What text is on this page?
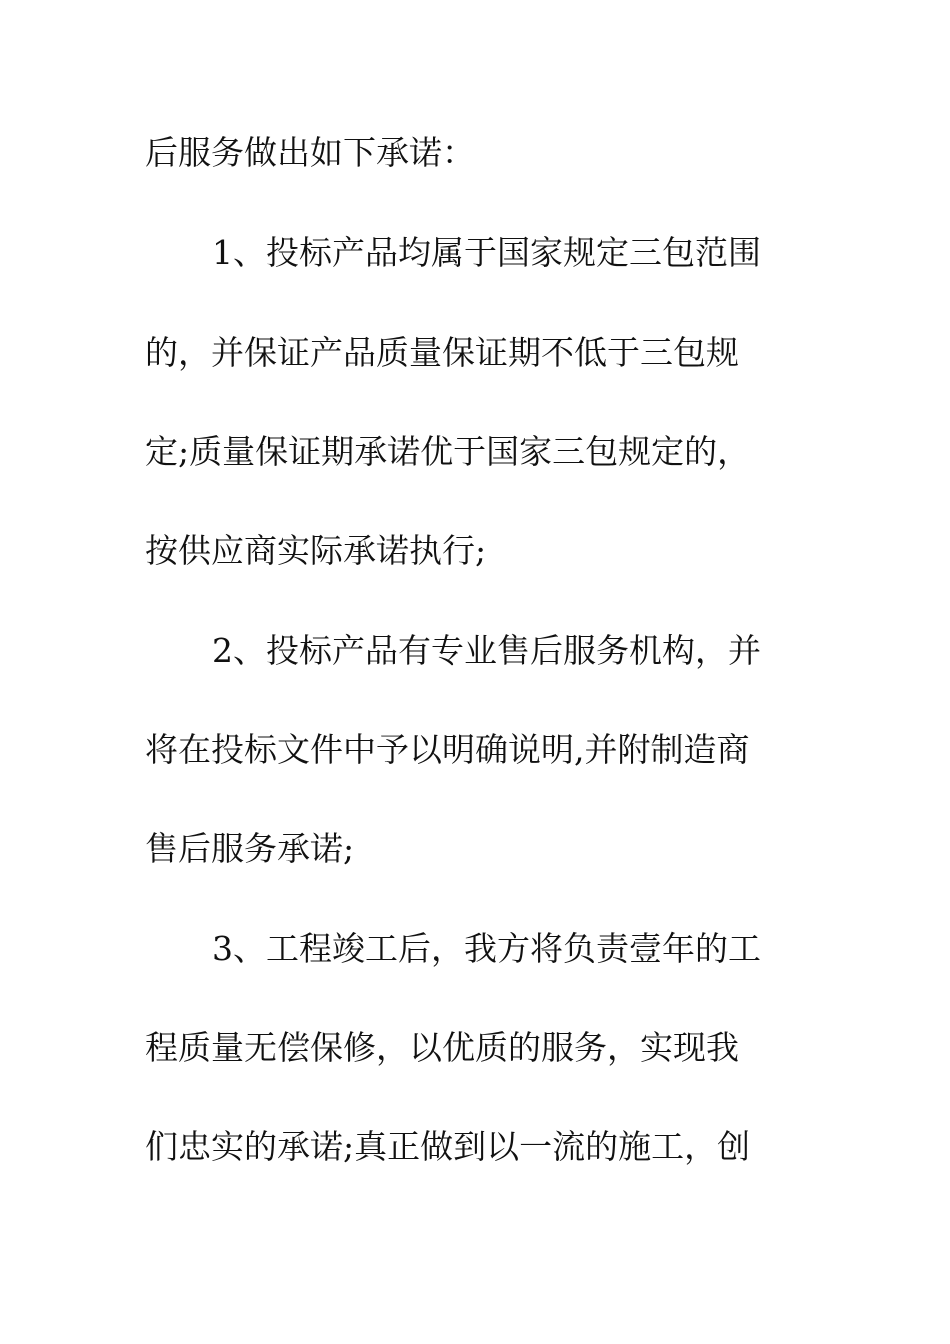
后服务做出如下承诺：
1、投标产品均属于国家规定三包范围
的，并保证产品质量保证期不低于三包规
定;质量保证期承诺优于国家三包规定的，
按供应商实际承诺执行;
2、投标产品有专业售后服务机构，并
将在投标文件中予以明确说明,并附制造商
售后服务承诺;
3、工程竣工后，我方将负责壹年的工
程质量无偿保修，以优质的服务，实现我
们忠实的承诺;真正做到以一流的施工，创
